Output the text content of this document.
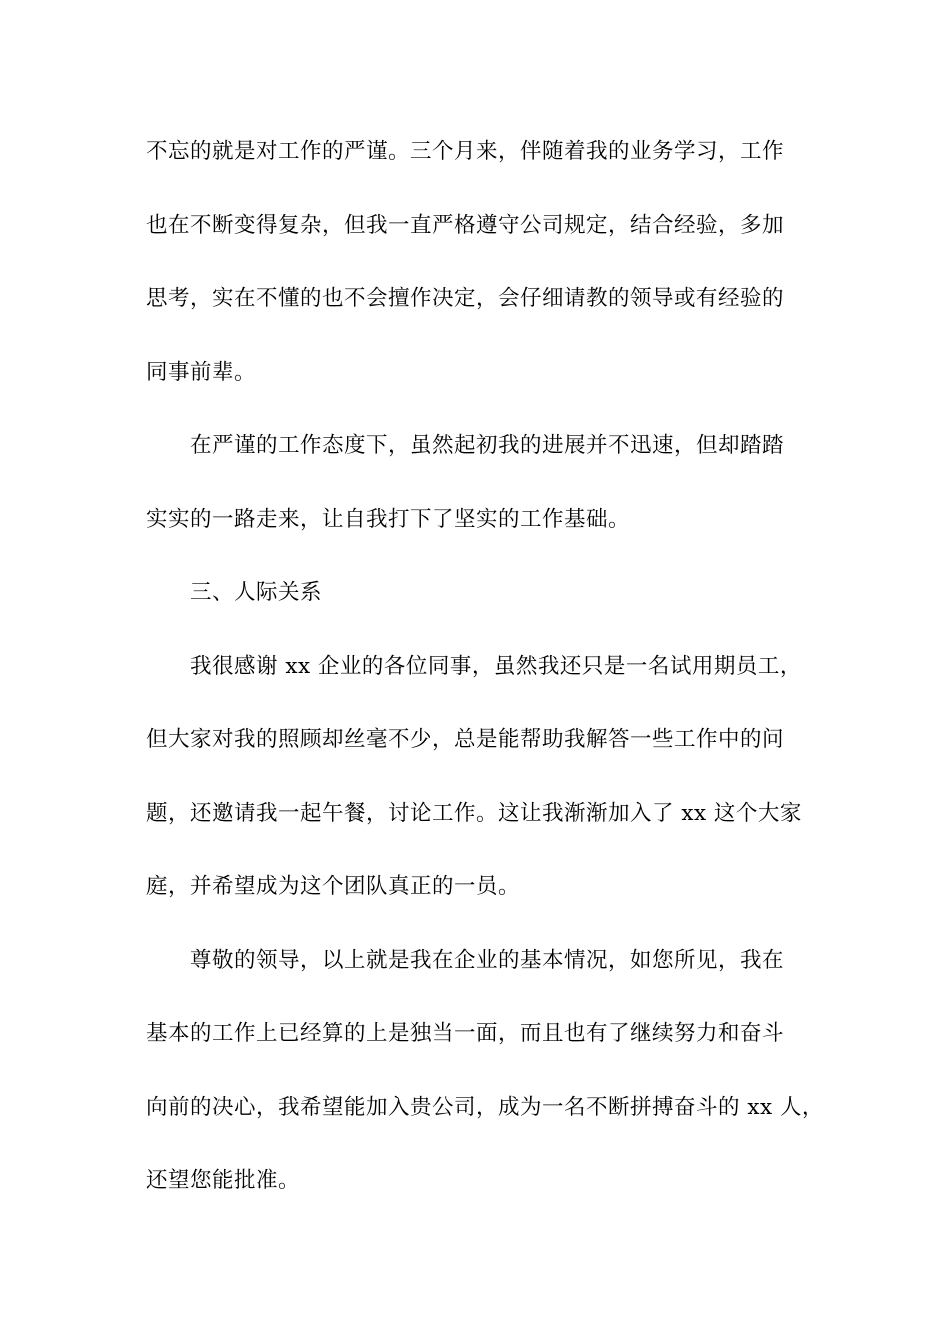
不忘的就是对工作的严谨。三个月来，伴随着我的业务学习，工作
也在不断变得复杂，但我一直严格遵守公司规定，结合经验，多加
思考，实在不懂的也不会擅作决定，会仔细请教的领导或有经验的
同事前辈。
在严谨的工作态度下，虽然起初我的进展并不迅速，但却踏踏
实实的一路走来，让自我打下了坚实的工作基础。
三、人际关系
我很感谢 xx 企业的各位同事，虽然我还只是一名试用期员工，
但大家对我的照顾却丝毫不少，总是能帮助我解答一些工作中的问
题，还邀请我一起午餐，讨论工作。这让我渐渐加入了 xx 这个大家
庭，并希望成为这个团队真正的一员。
尊敬的领导，以上就是我在企业的基本情况，如您所见，我在
基本的工作上已经算的上是独当一面，而且也有了继续努力和奋斗
向前的决心，我希望能加入贵公司，成为一名不断拼搏奋斗的 xx 人，
还望您能批准。
